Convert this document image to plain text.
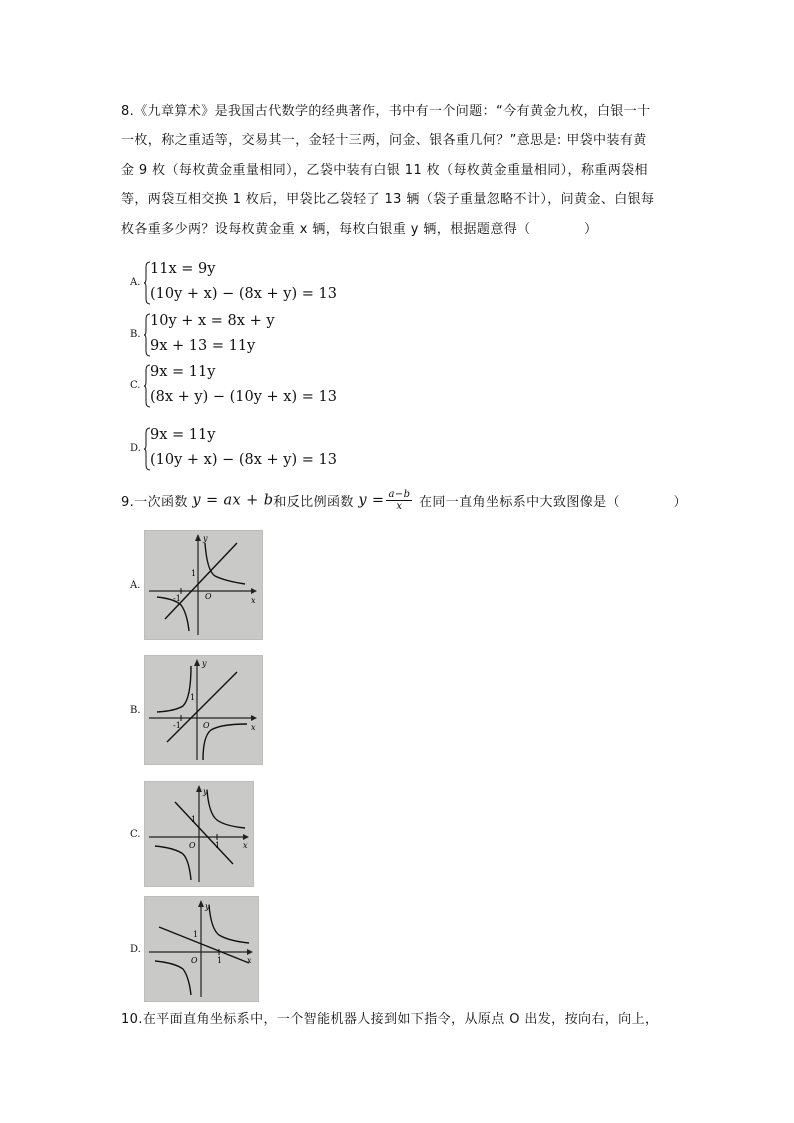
8.《九章算术》是我国古代数学的经典著作，书中有一个问题：“今有黄金九枚，白银一十

一枚，称之重适等，交易其一，金轻十三两，问金、银各重几何？”意思是: 甲袋中装有黄

金 9 枚（每枚黄金重量相同），乙袋中装有白银 11 枚（每枚黄金重量相同），称重两袋相

等，两袋互相交换 1 枚后，甲袋比乙袋轻了 13 辆（袋子重量忽略不计），问黄金、白银每

枚各重多少两？设每枚黄金重 x 辆，每枚白银重 y 辆，根据题意得（　　　　）

A.
11x = 9y
(10y + x) − (8x + y) = 13
B.
10y + x = 8x + y
9x + 13 = 11y
C.
9x = 11y
(8x + y) − (10y + x) = 13
D.
9x = 11y
(10y + x) − (8x + y) = 13
9.一次函数 y = ax + b和反比例函数 $y = \frac{a-b}{x}$ 在同一直角坐标系中大致图像是（　　　　）
A.
O
1
-1	x
y
B.
O
1
-1	x
y
C.
O
1
1	x
y
D.
O
1
1	x
y
10.在平面直角坐标系中，一个智能机器人接到如下指令，从原点 O 出发，按向右，向上，
